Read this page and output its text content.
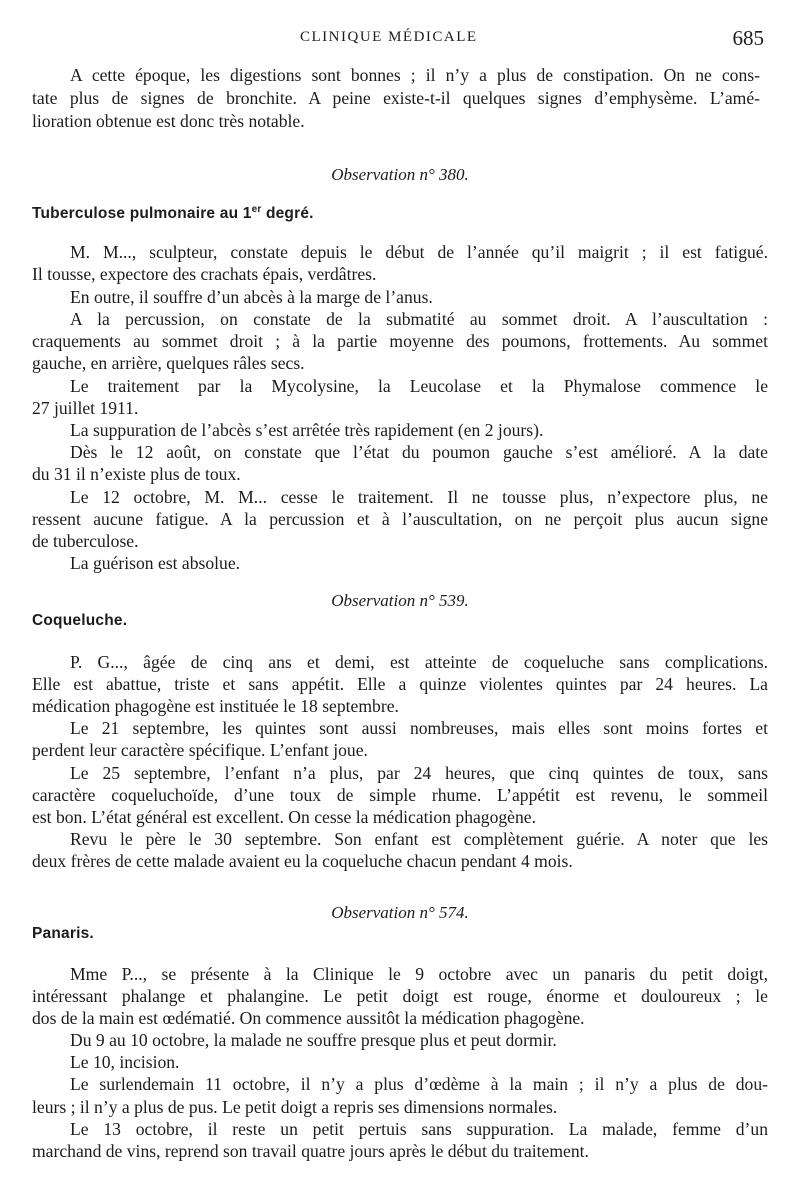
CLINIQUE MÉDICALE	685
A cette époque, les digestions sont bonnes ; il n’y a plus de constipation. On ne cons-
tate plus de signes de bronchite. A peine existe-t-il quelques signes d’emphysème. L’amé-
lioration obtenue est donc très notable.
Observation n° 380.
Tuberculose pulmonaire au 1er degré.
M. M..., sculpteur, constate depuis le début de l’année qu’il maigrit ; il est fatigué.
Il tousse, expectore des crachats épais, verdâtres.
En outre, il souffre d’un abcès à la marge de l’anus.
A la percussion, on constate de la submatité au sommet droit. A l’auscultation :
craquements au sommet droit ; à la partie moyenne des poumons, frottements. Au sommet
gauche, en arrière, quelques râles secs.
Le traitement par la Mycolysine, la Leucolase et la Phymalose commence le
27 juillet 1911.
La suppuration de l’abcès s’est arrêtée très rapidement (en 2 jours).
Dès le 12 août, on constate que l’état du poumon gauche s’est amélioré. A la date
du 31 il n’existe plus de toux.
Le 12 octobre, M. M... cesse le traitement. Il ne tousse plus, n’expectore plus, ne
ressent aucune fatigue. A la percussion et à l’auscultation, on ne perçoit plus aucun signe
de tuberculose.
La guérison est absolue.
Observation n° 539.
Coqueluche.
P. G..., âgée de cinq ans et demi, est atteinte de coqueluche sans complications.
Elle est abattue, triste et sans appétit. Elle a quinze violentes quintes par 24 heures. La
médication phagogène est instituée le 18 septembre.
Le 21 septembre, les quintes sont aussi nombreuses, mais elles sont moins fortes et
perdent leur caractère spécifique. L’enfant joue.
Le 25 septembre, l’enfant n’a plus, par 24 heures, que cinq quintes de toux, sans
caractère coqueluchoïde, d’une toux de simple rhume. L’appétit est revenu, le sommeil
est bon. L’état général est excellent. On cesse la médication phagogène.
Revu le père le 30 septembre. Son enfant est complètement guérie. A noter que les
deux frères de cette malade avaient eu la coqueluche chacun pendant 4 mois.
Observation n° 574.
Panaris.
Mme P..., se présente à la Clinique le 9 octobre avec un panaris du petit doigt,
intéressant phalange et phalangine. Le petit doigt est rouge, énorme et douloureux ; le
dos de la main est œdématié. On commence aussitôt la médication phagogène.
Du 9 au 10 octobre, la malade ne souffre presque plus et peut dormir.
Le 10, incision.
Le surlendemain 11 octobre, il n’y a plus d’œdème à la main ; il n’y a plus de dou-
leurs ; il n’y a plus de pus. Le petit doigt a repris ses dimensions normales.
Le 13 octobre, il reste un petit pertuis sans suppuration. La malade, femme d’un
marchand de vins, reprend son travail quatre jours après le début du traitement.
